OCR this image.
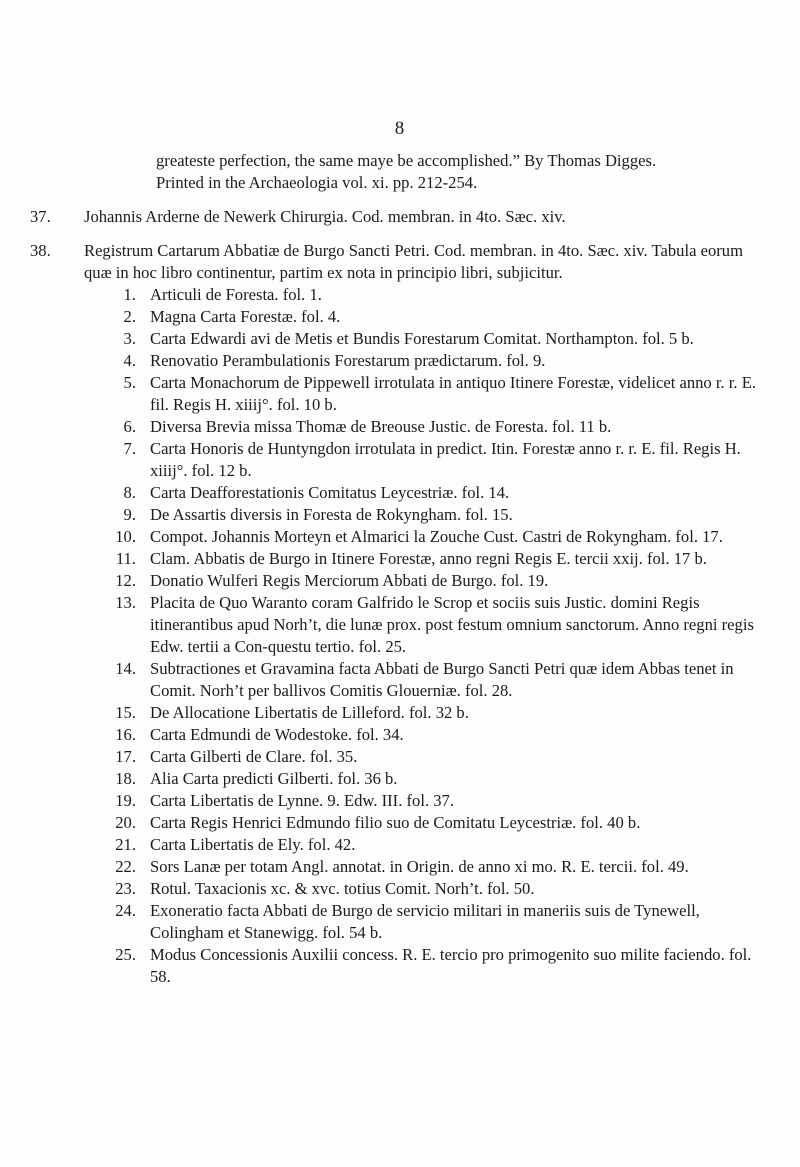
8

greateste perfection, the same maye be accomplished.” By Thomas Digges.

Printed in the Archaeologia vol. xi. pp. 212-254.

37.	Johannis Arderne de Newerk Chirurgia. Cod. membran. in 4to. Sæc. xiv.
38.	Registrum Cartarum Abbatiæ de Burgo Sancti Petri. Cod. membran. in 4to. Sæc. xiv. Tabula eorum quæ in hoc libro continentur, partim ex nota in principio libri, subjicitur.
1. Articuli de Foresta. fol. 1.
2. Magna Carta Forestæ. fol. 4.
3. Carta Edwardi avi de Metis et Bundis Forestarum Comitat. Northampton. fol. 5 b.
4. Renovatio Perambulationis Forestarum prædictarum. fol. 9.
5. Carta Monachorum de Pippewell irrotulata in antiquo Itinere Forestæ, videlicet anno r. r. E. fil. Regis H. xiiij°. fol. 10 b.
6. Diversa Brevia missa Thomæ de Breouse Justic. de Foresta. fol. 11 b.
7. Carta Honoris de Huntyngdon irrotulata in predict. Itin. Forestæ anno r. r. E. fil. Regis H. xiiij°. fol. 12 b.
8. Carta Deafforestationis Comitatus Leycestriæ. fol. 14.
9. De Assartis diversis in Foresta de Rokyngham. fol. 15.
10. Compot. Johannis Morteyn et Almarici la Zouche Cust. Castri de Rokyngham. fol. 17.
11. Clam. Abbatis de Burgo in Itinere Forestæ, anno regni Regis E. tercii xxij. fol. 17 b.
12. Donatio Wulferi Regis Merciorum Abbati de Burgo. fol. 19.
13. Placita de Quo Waranto coram Galfrido le Scrop et sociis suis Justic. domini Regis itinerantibus apud Norh’t, die lunæ prox. post festum omnium sanctorum. Anno regni regis Edw. tertii a Con-questu tertio. fol. 25.
14. Subtractiones et Gravamina facta Abbati de Burgo Sancti Petri quæ idem Abbas tenet in Comit. Norh’t per ballivos Comitis Glouerniæ. fol. 28.
15. De Allocatione Libertatis de Lilleford. fol. 32 b.
16. Carta Edmundi de Wodestoke. fol. 34.
17. Carta Gilberti de Clare. fol. 35.
18. Alia Carta predicti Gilberti. fol. 36 b.
19. Carta Libertatis de Lynne. 9. Edw. III. fol. 37.
20. Carta Regis Henrici Edmundo filio suo de Comitatu Leycestriæ. fol. 40 b.
21. Carta Libertatis de Ely. fol. 42.
22. Sors Lanæ per totam Angl. annotat. in Origin. de anno xi mo. R. E. tercii. fol. 49.
23. Rotul. Taxacionis xc. & xvc. totius Comit. Norh’t. fol. 50.
24. Exoneratio facta Abbati de Burgo de servicio militari in maneriis suis de Tynewell, Colingham et Stanewigg. fol. 54 b.
25. Modus Concessionis Auxilii concess. R. E. tercio pro primogenito suo milite faciendo. fol. 58.
